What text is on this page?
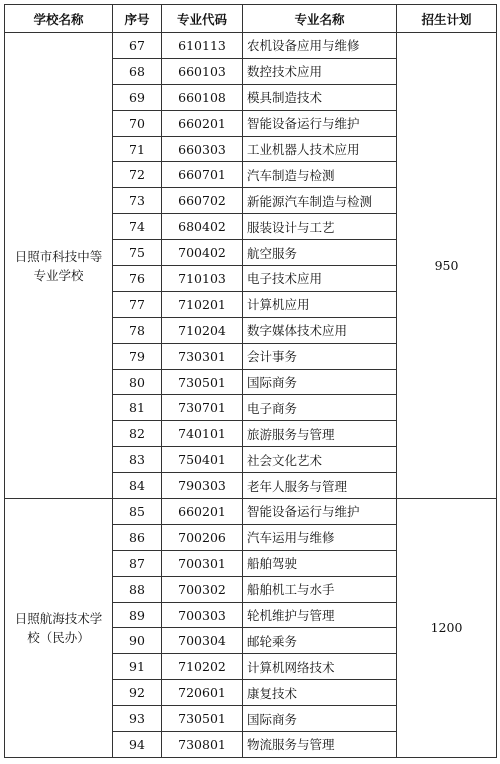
学校名称	序号	专业代码	专业名称	招生计划
日照市科技中等专业学校	67	610113	农机设备应用与维修	950
	68	660103	数控技术应用	
	69	660108	模具制造技术	
	70	660201	智能设备运行与维护	
	71	660303	工业机器人技术应用	
	72	660701	汽车制造与检测	
	73	660702	新能源汽车制造与检测	
	74	680402	服装设计与工艺	
	75	700402	航空服务	
	76	710103	电子技术应用	
	77	710201	计算机应用	
	78	710204	数字媒体技术应用	
	79	730301	会计事务	
	80	730501	国际商务	
	81	730701	电子商务	
	82	740101	旅游服务与管理	
	83	750401	社会文化艺术	
	84	790303	老年人服务与管理	
日照航海技术学校（民办）	85	660201	智能设备运行与维护	1200
	86	700206	汽车运用与维修	
	87	700301	船舶驾驶	
	88	700302	船舶机工与水手	
	89	700303	轮机维护与管理	
	90	700304	邮轮乘务	
	91	710202	计算机网络技术	
	92	720601	康复技术	
	93	730501	国际商务	
	94	730801	物流服务与管理	
